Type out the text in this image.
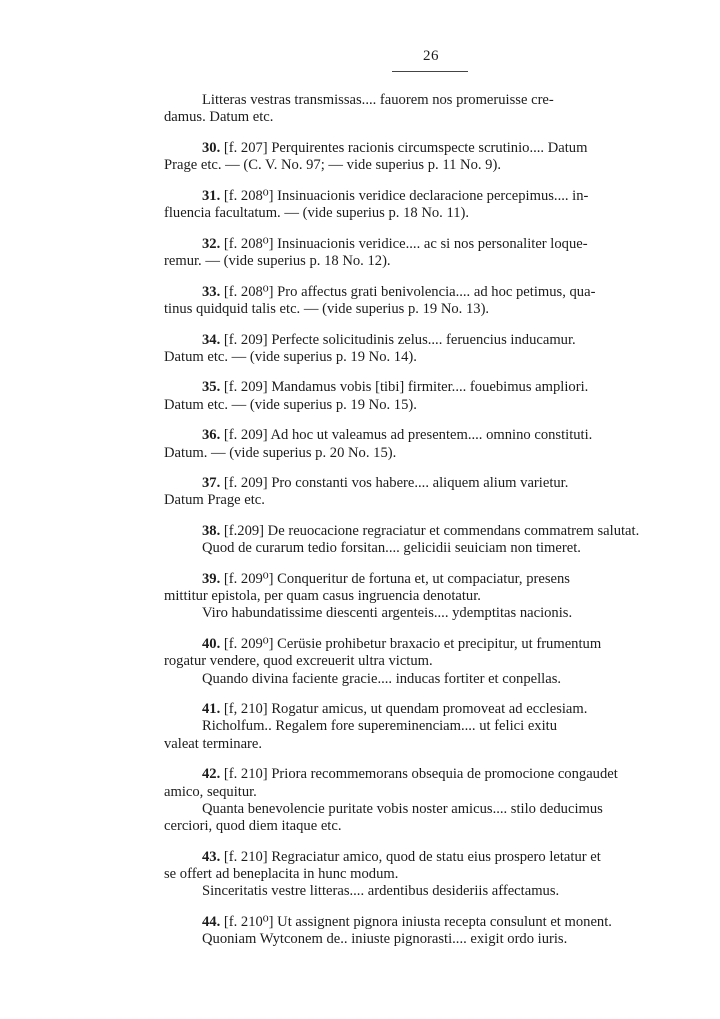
26
Litteras vestras transmissas.... fauorem nos promeruisse cre-
damus. Datum etc.
30. [f. 207] Perquirentes racionis circumspecte scrutinio.... Datum
Prage etc. — (C. V. No. 97; — vide superius p. 11 No. 9).
31. [f. 208⁰] Insinuacionis veridice declaracione percepimus.... in-
fluencia facultatum. — (vide superius p. 18 No. 11).
32. [f. 208⁰] Insinuacionis veridice.... ac si nos personaliter loque-
remur. — (vide superius p. 18 No. 12).
33. [f. 208⁰] Pro affectus grati benivolencia.... ad hoc petimus, qua-
tinus quidquid talis etc. — (vide superius p. 19 No. 13).
34. [f. 209] Perfecte solicitudinis zelus.... feruencius inducamur.
Datum etc. — (vide superius p. 19 No. 14).
35. [f. 209] Mandamus vobis [tibi] firmiter.... fouebimus ampliori.
Datum etc. — (vide superius p. 19 No. 15).
36. [f. 209] Ad hoc ut valeamus ad presentem.... omnino constituti.
Datum. — (vide superius p. 20 No. 15).
37. [f. 209] Pro constanti vos habere.... aliquem alium varietur.
Datum Prage etc.
38. [f.209] De reuocacione regraciatur et commendans commatrem salutat.
Quod de curarum tedio forsitan.... gelicidii seuiciam non timeret.
39. [f. 209⁰] Conqueritur de fortuna et, ut compaciatur, presens
mittitur epistola, per quam casus ingruencia denotatur.
Viro habundatissime diescenti argenteis.... ydemptitas nacionis.
40. [f. 209⁰] Cerüsie prohibetur braxacio et precipitur, ut frumentum
rogatur vendere, quod excreuerit ultra victum.
Quando divina faciente gracie.... inducas fortiter et conpellas.
41. [f, 210] Rogatur amicus, ut quendam promoveat ad ecclesiam.
Richolfum.. Regalem fore supereminenciam.... ut felici exitu
valeat terminare.
42. [f. 210] Priora recommemorans obsequia de promocione congaudet
amico, sequitur.
Quanta benevolencie puritate vobis noster amicus.... stilo deducimus
cerciori, quod diem itaque etc.
43. [f. 210] Regraciatur amico, quod de statu eius prospero letatur et
se offert ad beneplacita in hunc modum.
Sinceritatis vestre litteras.... ardentibus desideriis affectamus.
44. [f. 210⁰] Ut assignent pignora iniusta recepta consulunt et monent.
Quoniam Wytconem de.. iniuste pignorasti.... exigit ordo iuris.
